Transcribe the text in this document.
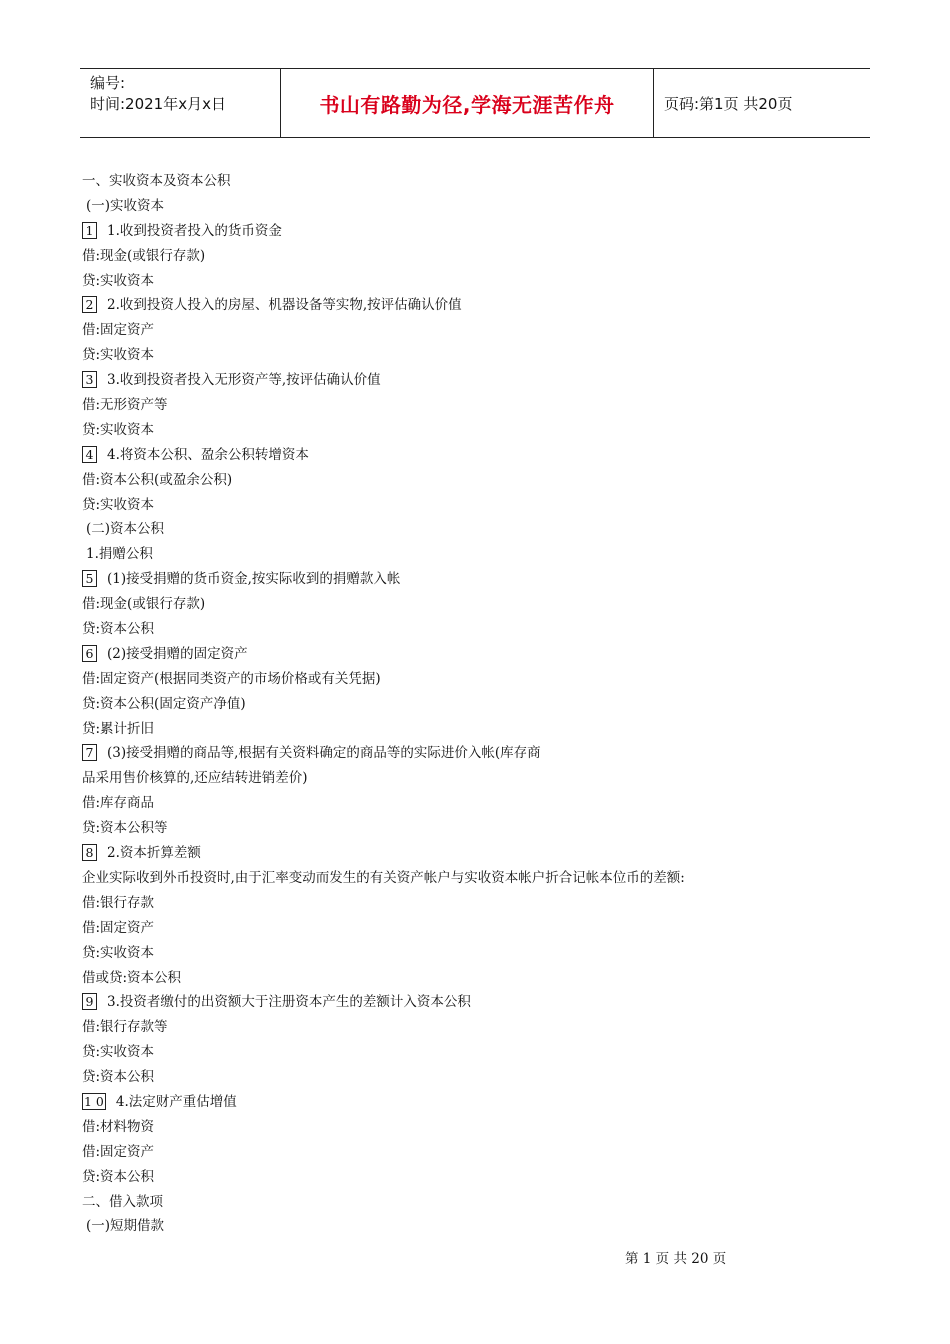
编号:
时间:2021年x月x日	书山有路勤为径,学海无涯苦作舟	页码:第1页 共20页
一、实收资本及资本公积
(一)实收资本
1 1.收到投资者投入的货币资金
借:现金(或银行存款)
贷:实收资本
2 2.收到投资人投入的房屋、机器设备等实物,按评估确认价值
借:固定资产
贷:实收资本
3 3.收到投资者投入无形资产等,按评估确认价值
借:无形资产等
贷:实收资本
4 4.将资本公积、盈余公积转增资本
借:资本公积(或盈余公积)
贷:实收资本
(二)资本公积
1.捐赠公积
5 (1)接受捐赠的货币资金,按实际收到的捐赠款入帐
借:现金(或银行存款)
贷:资本公积
6 (2)接受捐赠的固定资产
借:固定资产(根据同类资产的市场价格或有关凭据)
贷:资本公积(固定资产净值)
贷:累计折旧
7 (3)接受捐赠的商品等,根据有关资料确定的商品等的实际进价入帐(库存商
品采用售价核算的,还应结转进销差价)
借:库存商品
贷:资本公积等
8 2.资本折算差额
企业实际收到外币投资时,由于汇率变动而发生的有关资产帐户与实收资本帐户折合记帐本位币的差额:
借:银行存款
借:固定资产
贷:实收资本
借或贷:资本公积
9 3.投资者缴付的出资额大于注册资本产生的差额计入资本公积
借:银行存款等
贷:实收资本
贷:资本公积
1 0 4.法定财产重估增值
借:材料物资
借:固定资产
贷:资本公积
二、借入款项
(一)短期借款
第 1 页 共 20 页
